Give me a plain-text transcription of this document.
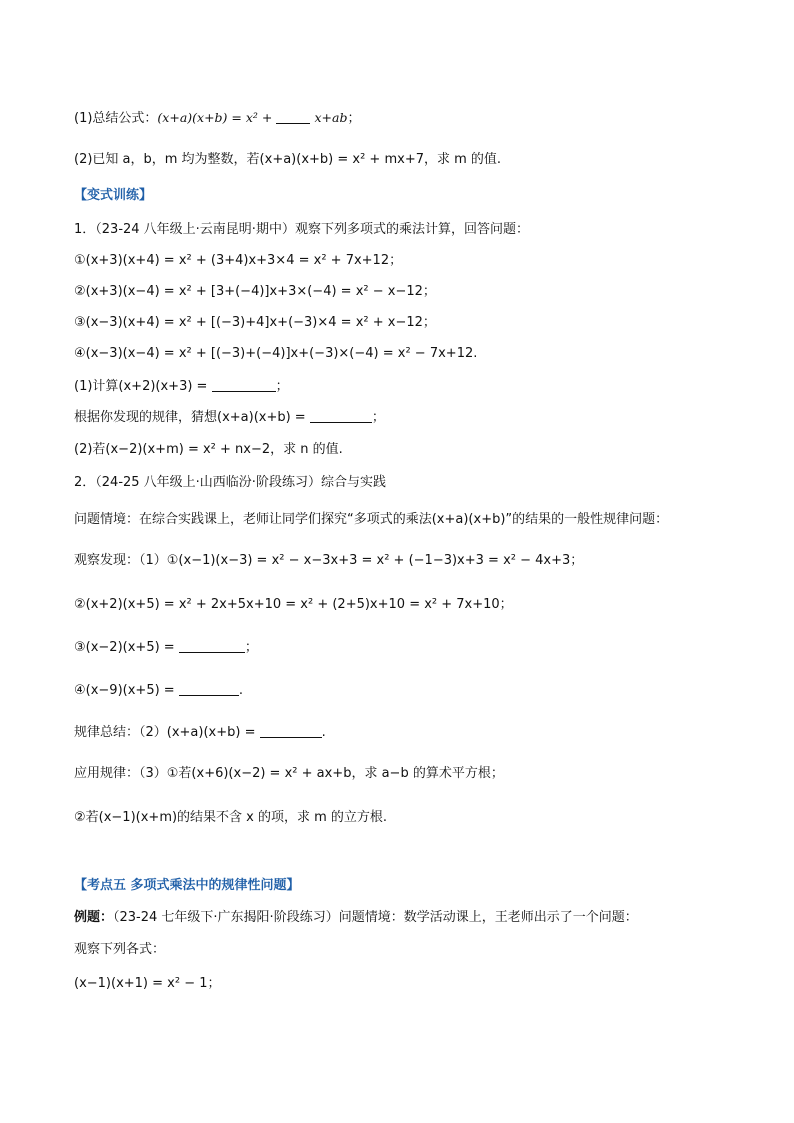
(1)总结公式：(x+a)(x+b) = x² +	x+ab；
(2)已知 a，b，m 均为整数，若(x+a)(x+b) = x² + mx+7，求 m 的值.
【变式训练】
1．（23-24 八年级上·云南昆明·期中）观察下列多项式的乘法计算，回答问题：
①(x+3)(x+4) = x² + (3+4)x+3×4 = x² + 7x+12；
②(x+3)(x−4) = x² + [3+(−4)]x+3×(−4) = x² − x−12；
③(x−3)(x+4) = x² + [(−3)+4]x+(−3)×4 = x² + x−12；
④(x−3)(x−4) = x² + [(−3)+(−4)]x+(−3)×(−4) = x² − 7x+12.
(1)计算(x+2)(x+3) =	；
根据你发现的规律，猜想(x+a)(x+b) =	；
(2)若(x−2)(x+m) = x² + nx−2，求 n 的值.
2．（24-25 八年级上·山西临汾·阶段练习）综合与实践
问题情境：在综合实践课上，老师让同学们探究“多项式的乘法(x+a)(x+b)”的结果的一般性规律问题：
观察发现：（1）①(x−1)(x−3) = x² − x−3x+3 = x² + (−1−3)x+3 = x² − 4x+3；
②(x+2)(x+5) = x² + 2x+5x+10 = x² + (2+5)x+10 = x² + 7x+10；
③(x−2)(x+5) =	；
④(x−9)(x+5) =	.
规律总结：（2）(x+a)(x+b) =	.
应用规律：（3）①若(x+6)(x−2) = x² + ax+b，求 a−b 的算术平方根；
②若(x−1)(x+m)的结果不含 x 的项，求 m 的立方根.
【考点五 多项式乘法中的规律性问题】
例题：（23-24 七年级下·广东揭阳·阶段练习）问题情境：数学活动课上，王老师出示了一个问题：
观察下列各式：
(x−1)(x+1) = x² − 1；
